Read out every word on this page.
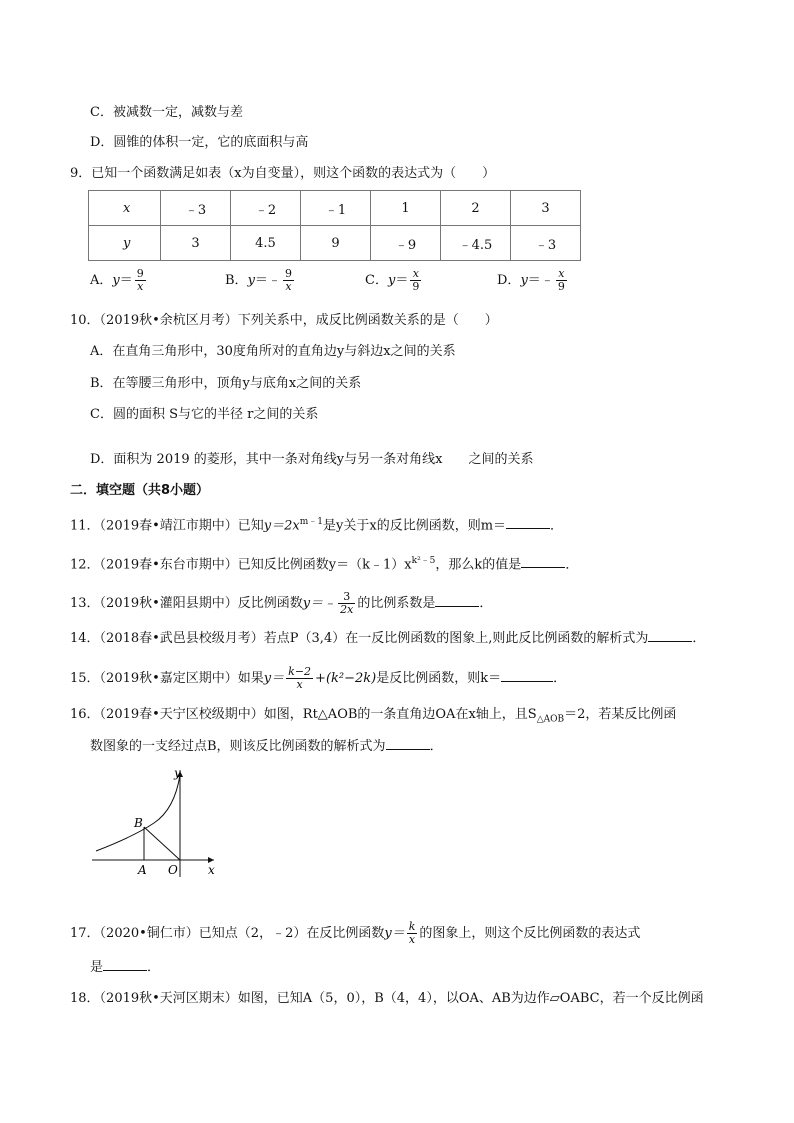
C．被减数一定，减数与差
D．圆锥的体积一定，它的底面积与高
9．已知一个函数满足如表（x为自变量），则这个函数的表达式为（　　）
x	﹣3	﹣2	﹣1	1	2	3
y	3	4.5	9	﹣9	﹣4.5	﹣3
A．$y= \frac{9}{x}$	B．y＝﹣ $\frac{9}{x}$	C．$y= \frac{x}{9}$	D．y＝﹣ $\frac{x}{9}$
10．（2019秋•余杭区月考）下列关系中，成反比例函数关系的是（　　）
A．在直角三角形中，30度角所对的直角边y与斜边x之间的关系
B．在等腰三角形中，顶角y与底角x之间的关系
C．圆的面积 S与它的半径 r之间的关系
D．面积为 2019 的菱形，其中一条对角线y与另一条对角线x　　之间的关系
二．填空题（共8小题）
11．（2019春•靖江市期中）已知$y=2x^{m﹣1}$是y关于x的反比例函数，则m＝	．
12．（2019春•东台市期中）已知反比例函数$y=(k﹣1)x^{k^2﹣5}$，那么k的值是	．
13．（2019秋•灌阳县期中）反比例函数y＝﹣ $\frac{3}{2x}$ 的比例系数是	．
14．（2018春•武邑县校级月考）若点P（3,4）在一反比例函数的图象上,则此反比例函数的解析式为	．
15．（2019秋•嘉定区期中）如果$y= \frac{k-2}{x} +(k^2-2k)$是反比例函数，则k＝	．
16．（2019春•天宁区校级期中）如图，Rt△AOB的一条直角边OA在x轴上，且$S_{\triangle AOB}=2$，若某反比例函
数图象的一支经过点B，则该反比例函数的解析式为	．
y
x
B
A O
17．（2020•铜仁市）已知点（2，﹣2）在反比例函数$y= \frac{k}{x}$ 的图象上，则这个反比例函数的表达式
是	．
18．（2019秋•天河区期末）如图，已知A（5，0），B（4，4），以OA、AB为边作▱OABC，若一个反比例函
